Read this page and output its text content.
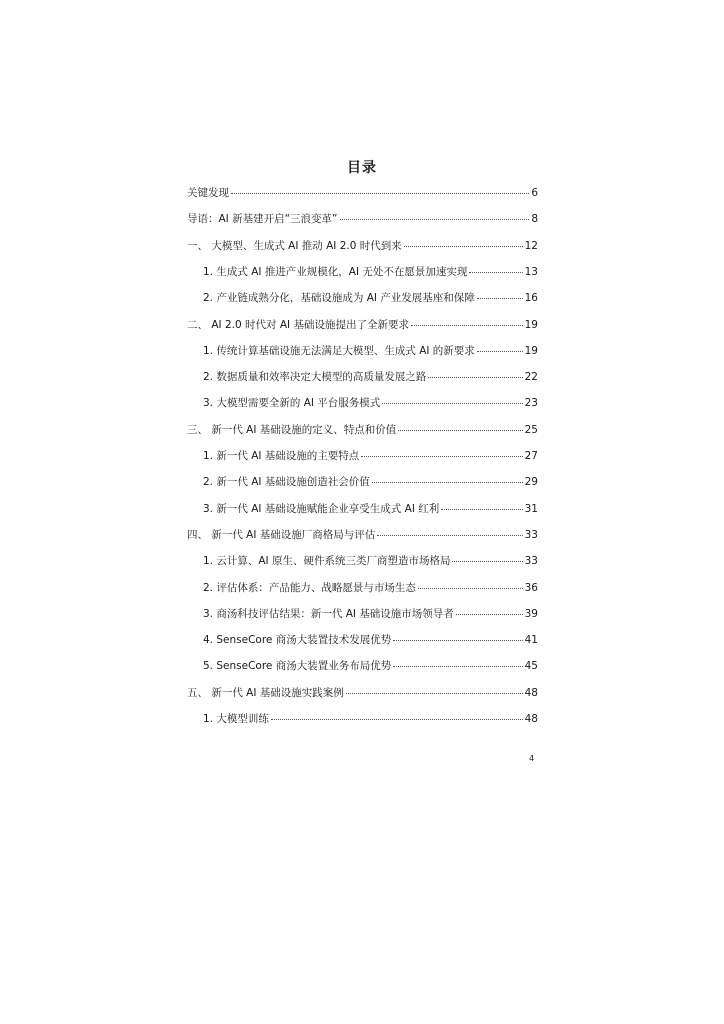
目录
关键发现	6
导语：AI 新基建开启“三浪变革”	8
一、 大模型、生成式 AI 推动 AI 2.0 时代到来	12
1. 生成式 AI 推进产业规模化，AI 无处不在愿景加速实现	13
2. 产业链成熟分化，基础设施成为 AI 产业发展基座和保障	16
二、 AI 2.0 时代对 AI 基础设施提出了全新要求	19
1. 传统计算基础设施无法满足大模型、生成式 AI 的新要求	19
2. 数据质量和效率决定大模型的高质量发展之路	22
3. 大模型需要全新的 AI 平台服务模式	23
三、 新一代 AI 基础设施的定义、特点和价值	25
1. 新一代 AI 基础设施的主要特点	27
2. 新一代 AI 基础设施创造社会价值	29
3. 新一代 AI 基础设施赋能企业享受生成式 AI 红利	31
四、 新一代 AI 基础设施厂商格局与评估	33
1. 云计算、AI 原生、硬件系统三类厂商塑造市场格局	33
2. 评估体系：产品能力、战略愿景与市场生态	36
3. 商汤科技评估结果：新一代 AI 基础设施市场领导者	39
4. SenseCore 商汤大装置技术发展优势	41
5. SenseCore 商汤大装置业务布局优势	45
五、 新一代 AI 基础设施实践案例	48
1. 大模型训练	48
4
